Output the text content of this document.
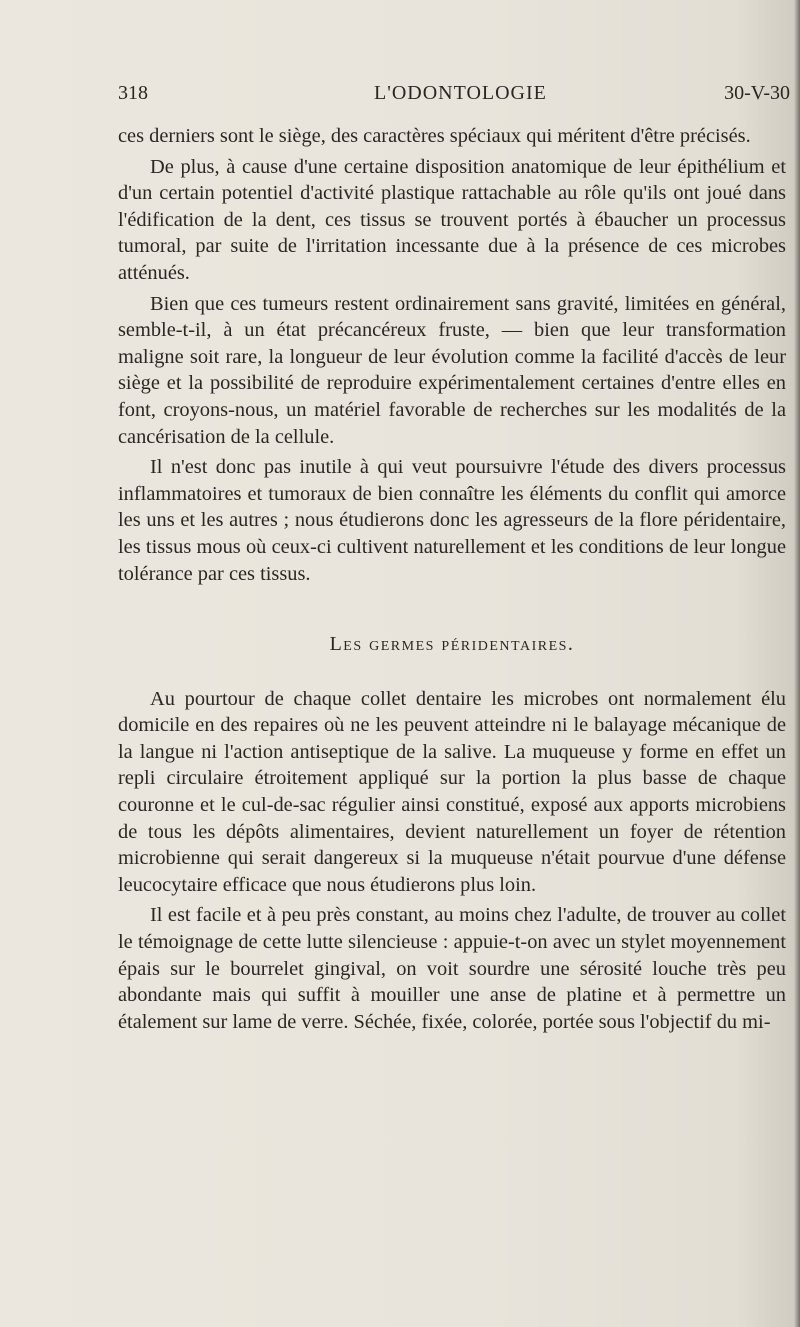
318	L'ODONTOLOGIE	30-V-30

ces derniers sont le siège, des caractères spéciaux qui méritent d'être précisés.

De plus, à cause d'une certaine disposition anatomique de leur épithélium et d'un certain potentiel d'activité plastique rattachable au rôle qu'ils ont joué dans l'édification de la dent, ces tissus se trouvent portés à ébaucher un processus tumoral, par suite de l'irritation incessante due à la présence de ces microbes atténués.

Bien que ces tumeurs restent ordinairement sans gravité, limitées en général, semble-t-il, à un état précancéreux fruste, — bien que leur transformation maligne soit rare, la longueur de leur évolution comme la facilité d'accès de leur siège et la possibilité de reproduire expérimentalement certaines d'entre elles en font, croyons-nous, un matériel favorable de recherches sur les modalités de la cancérisation de la cellule.

Il n'est donc pas inutile à qui veut poursuivre l'étude des divers processus inflammatoires et tumoraux de bien connaître les éléments du conflit qui amorce les uns et les autres ; nous étudierons donc les agresseurs de la flore péridentaire, les tissus mous où ceux-ci cultivent naturellement et les conditions de leur longue tolérance par ces tissus.

Les germes péridentaires.

Au pourtour de chaque collet dentaire les microbes ont normalement élu domicile en des repaires où ne les peuvent atteindre ni le balayage mécanique de la langue ni l'action antiseptique de la salive. La muqueuse y forme en effet un repli circulaire étroitement appliqué sur la portion la plus basse de chaque couronne et le cul-de-sac régulier ainsi constitué, exposé aux apports microbiens de tous les dépôts alimentaires, devient naturellement un foyer de rétention microbienne qui serait dangereux si la muqueuse n'était pourvue d'une défense leucocytaire efficace que nous étudierons plus loin.

Il est facile et à peu près constant, au moins chez l'adulte, de trouver au collet le témoignage de cette lutte silencieuse : appuie-t-on avec un stylet moyennement épais sur le bourrelet gingival, on voit sourdre une sérosité louche très peu abondante mais qui suffit à mouiller une anse de platine et à permettre un étalement sur lame de verre. Séchée, fixée, colorée, portée sous l'objectif du mi-
